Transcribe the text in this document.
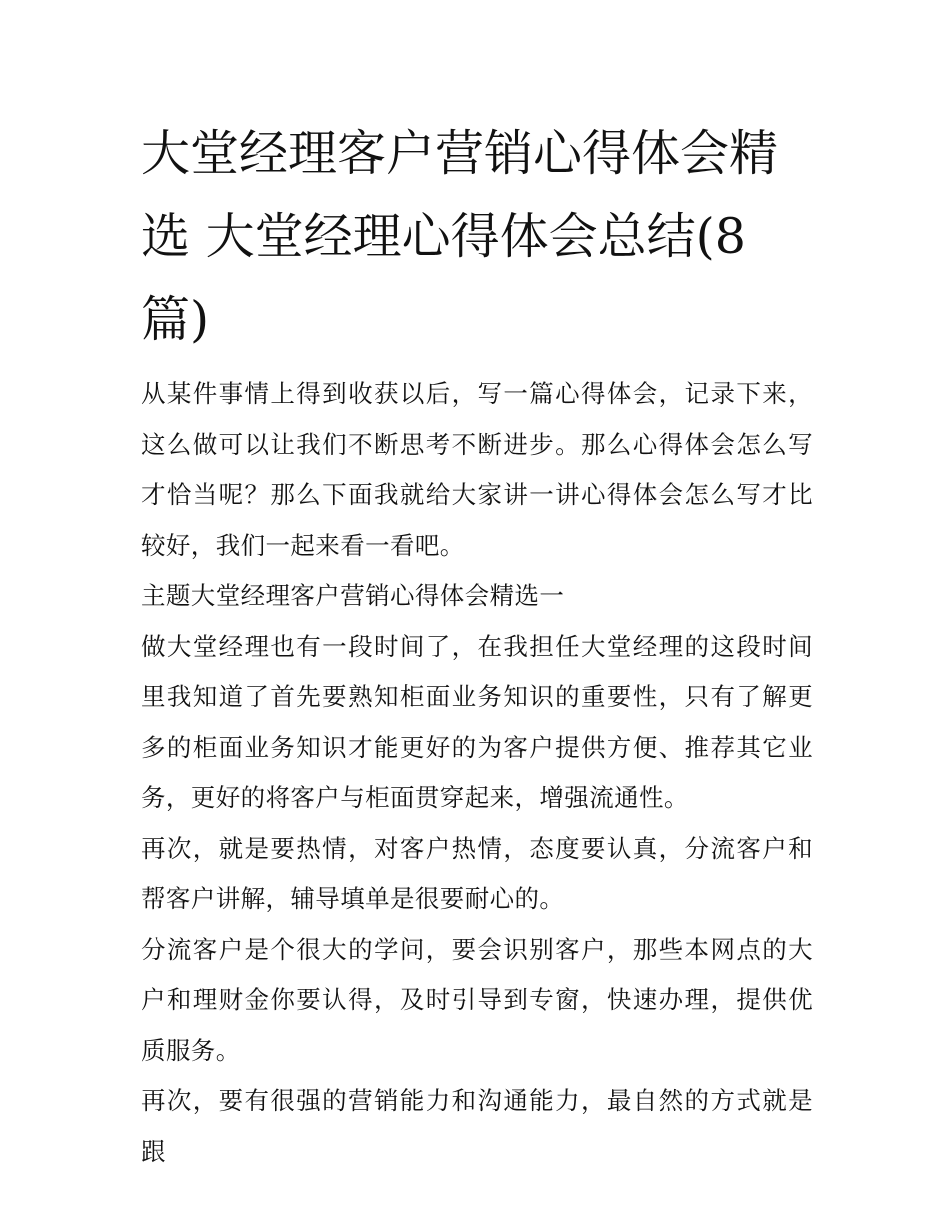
大堂经理客户营销心得体会精选 大堂经理心得体会总结(8篇)

从某件事情上得到收获以后，写一篇心得体会，记录下来，这么做可以让我们不断思考不断进步。那么心得体会怎么写才恰当呢？那么下面我就给大家讲一讲心得体会怎么写才比较好，我们一起来看一看吧。

主题大堂经理客户营销心得体会精选一

做大堂经理也有一段时间了，在我担任大堂经理的这段时间里我知道了首先要熟知柜面业务知识的重要性，只有了解更多的柜面业务知识才能更好的为客户提供方便、推荐其它业务，更好的将客户与柜面贯穿起来，增强流通性。

再次，就是要热情，对客户热情，态度要认真，分流客户和帮客户讲解，辅导填单是很要耐心的。

分流客户是个很大的学问，要会识别客户，那些本网点的大户和理财金你要认得，及时引导到专窗，快速办理，提供优质服务。

再次，要有很强的营销能力和沟通能力，最自然的方式就是跟
